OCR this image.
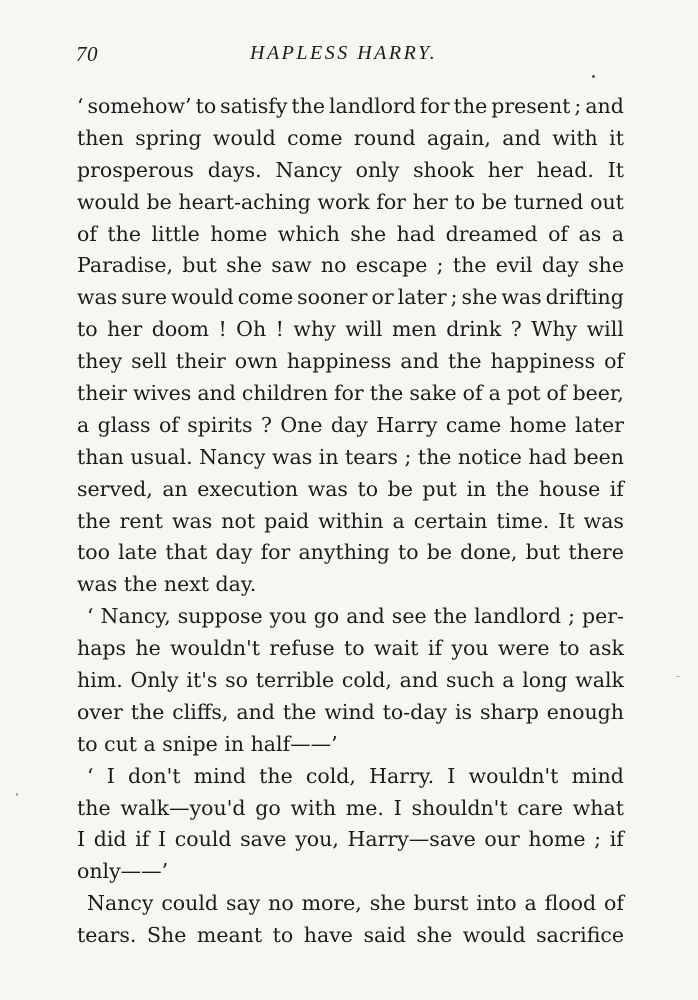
70	HAPLESS HARRY.
‘ somehow’ to satisfy the landlord for the present ; and
then spring would come round again, and with it
prosperous days. Nancy only shook her head. It
would be heart-aching work for her to be turned out
of the little home which she had dreamed of as a
Paradise, but she saw no escape ; the evil day she
was sure would come sooner or later ; she was drifting
to her doom ! Oh ! why will men drink ? Why will
they sell their own happiness and the happiness of
their wives and children for the sake of a pot of beer,
a glass of spirits ? One day Harry came home later
than usual. Nancy was in tears ; the notice had been
served, an execution was to be put in the house if
the rent was not paid within a certain time. It was
too late that day for anything to be done, but there
was the next day.
‘ Nancy, suppose you go and see the landlord ; per-
haps he wouldn't refuse to wait if you were to ask
him. Only it's so terrible cold, and such a long walk
over the cliffs, and the wind to-day is sharp enough
to cut a snipe in half——’
‘ I don't mind the cold, Harry. I wouldn't mind
the walk—you'd go with me. I shouldn't care what
I did if I could save you, Harry—save our home ; if
only——’
Nancy could say no more, she burst into a flood of
tears. She meant to have said she would sacrifice
